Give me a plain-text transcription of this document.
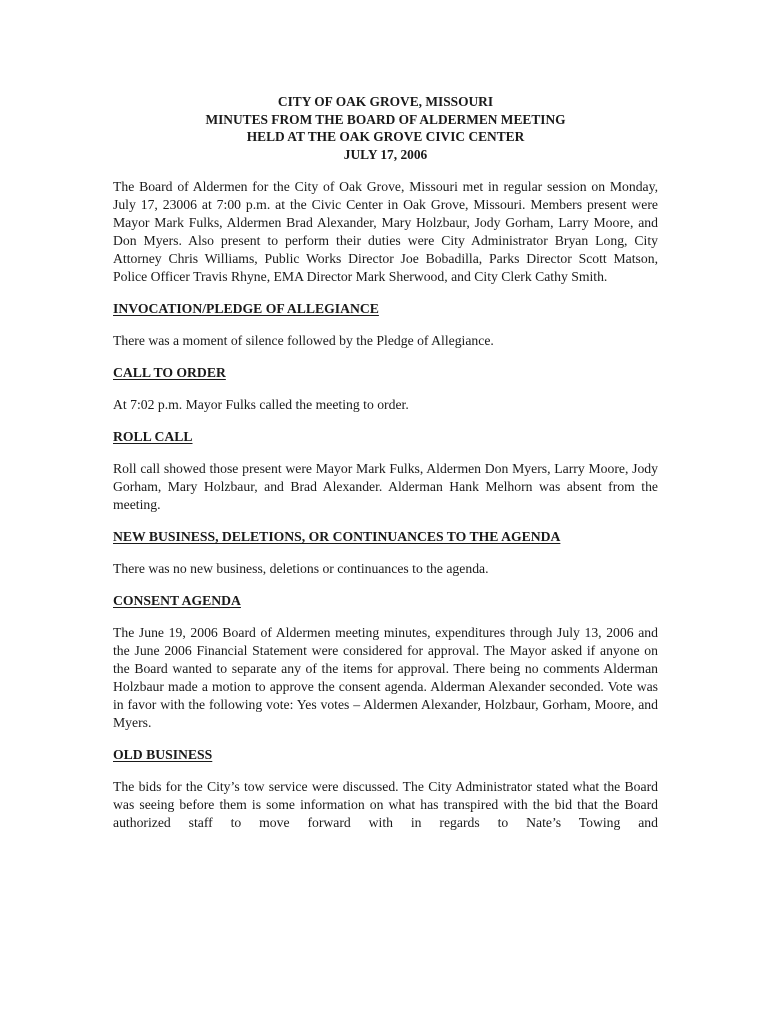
CITY OF OAK GROVE, MISSOURI
MINUTES FROM THE BOARD OF ALDERMEN MEETING
HELD AT THE OAK GROVE CIVIC CENTER
JULY 17, 2006

The Board of Aldermen for the City of Oak Grove, Missouri met in regular session on Monday, July 17, 23006 at 7:00 p.m. at the Civic Center in Oak Grove, Missouri. Members present were Mayor Mark Fulks, Aldermen Brad Alexander, Mary Holzbaur, Jody Gorham, Larry Moore, and Don Myers. Also present to perform their duties were City Administrator Bryan Long, City Attorney Chris Williams, Public Works Director Joe Bobadilla, Parks Director Scott Matson, Police Officer Travis Rhyne, EMA Director Mark Sherwood, and City Clerk Cathy Smith.

INVOCATION/PLEDGE OF ALLEGIANCE

There was a moment of silence followed by the Pledge of Allegiance.

CALL TO ORDER

At 7:02 p.m. Mayor Fulks called the meeting to order.

ROLL CALL

Roll call showed those present were Mayor Mark Fulks, Aldermen Don Myers, Larry Moore, Jody Gorham, Mary Holzbaur, and Brad Alexander. Alderman Hank Melhorn was absent from the meeting.

NEW BUSINESS, DELETIONS, OR CONTINUANCES TO THE AGENDA

There was no new business, deletions or continuances to the agenda.

CONSENT AGENDA

The June 19, 2006 Board of Aldermen meeting minutes, expenditures through July 13, 2006 and the June 2006 Financial Statement were considered for approval. The Mayor asked if anyone on the Board wanted to separate any of the items for approval. There being no comments Alderman Holzbaur made a motion to approve the consent agenda. Alderman Alexander seconded. Vote was in favor with the following vote: Yes votes – Aldermen Alexander, Holzbaur, Gorham, Moore, and Myers.

OLD BUSINESS

The bids for the City’s tow service were discussed. The City Administrator stated what the Board was seeing before them is some information on what has transpired with the bid that the Board authorized staff to move forward with in regards to Nate’s Towing and
